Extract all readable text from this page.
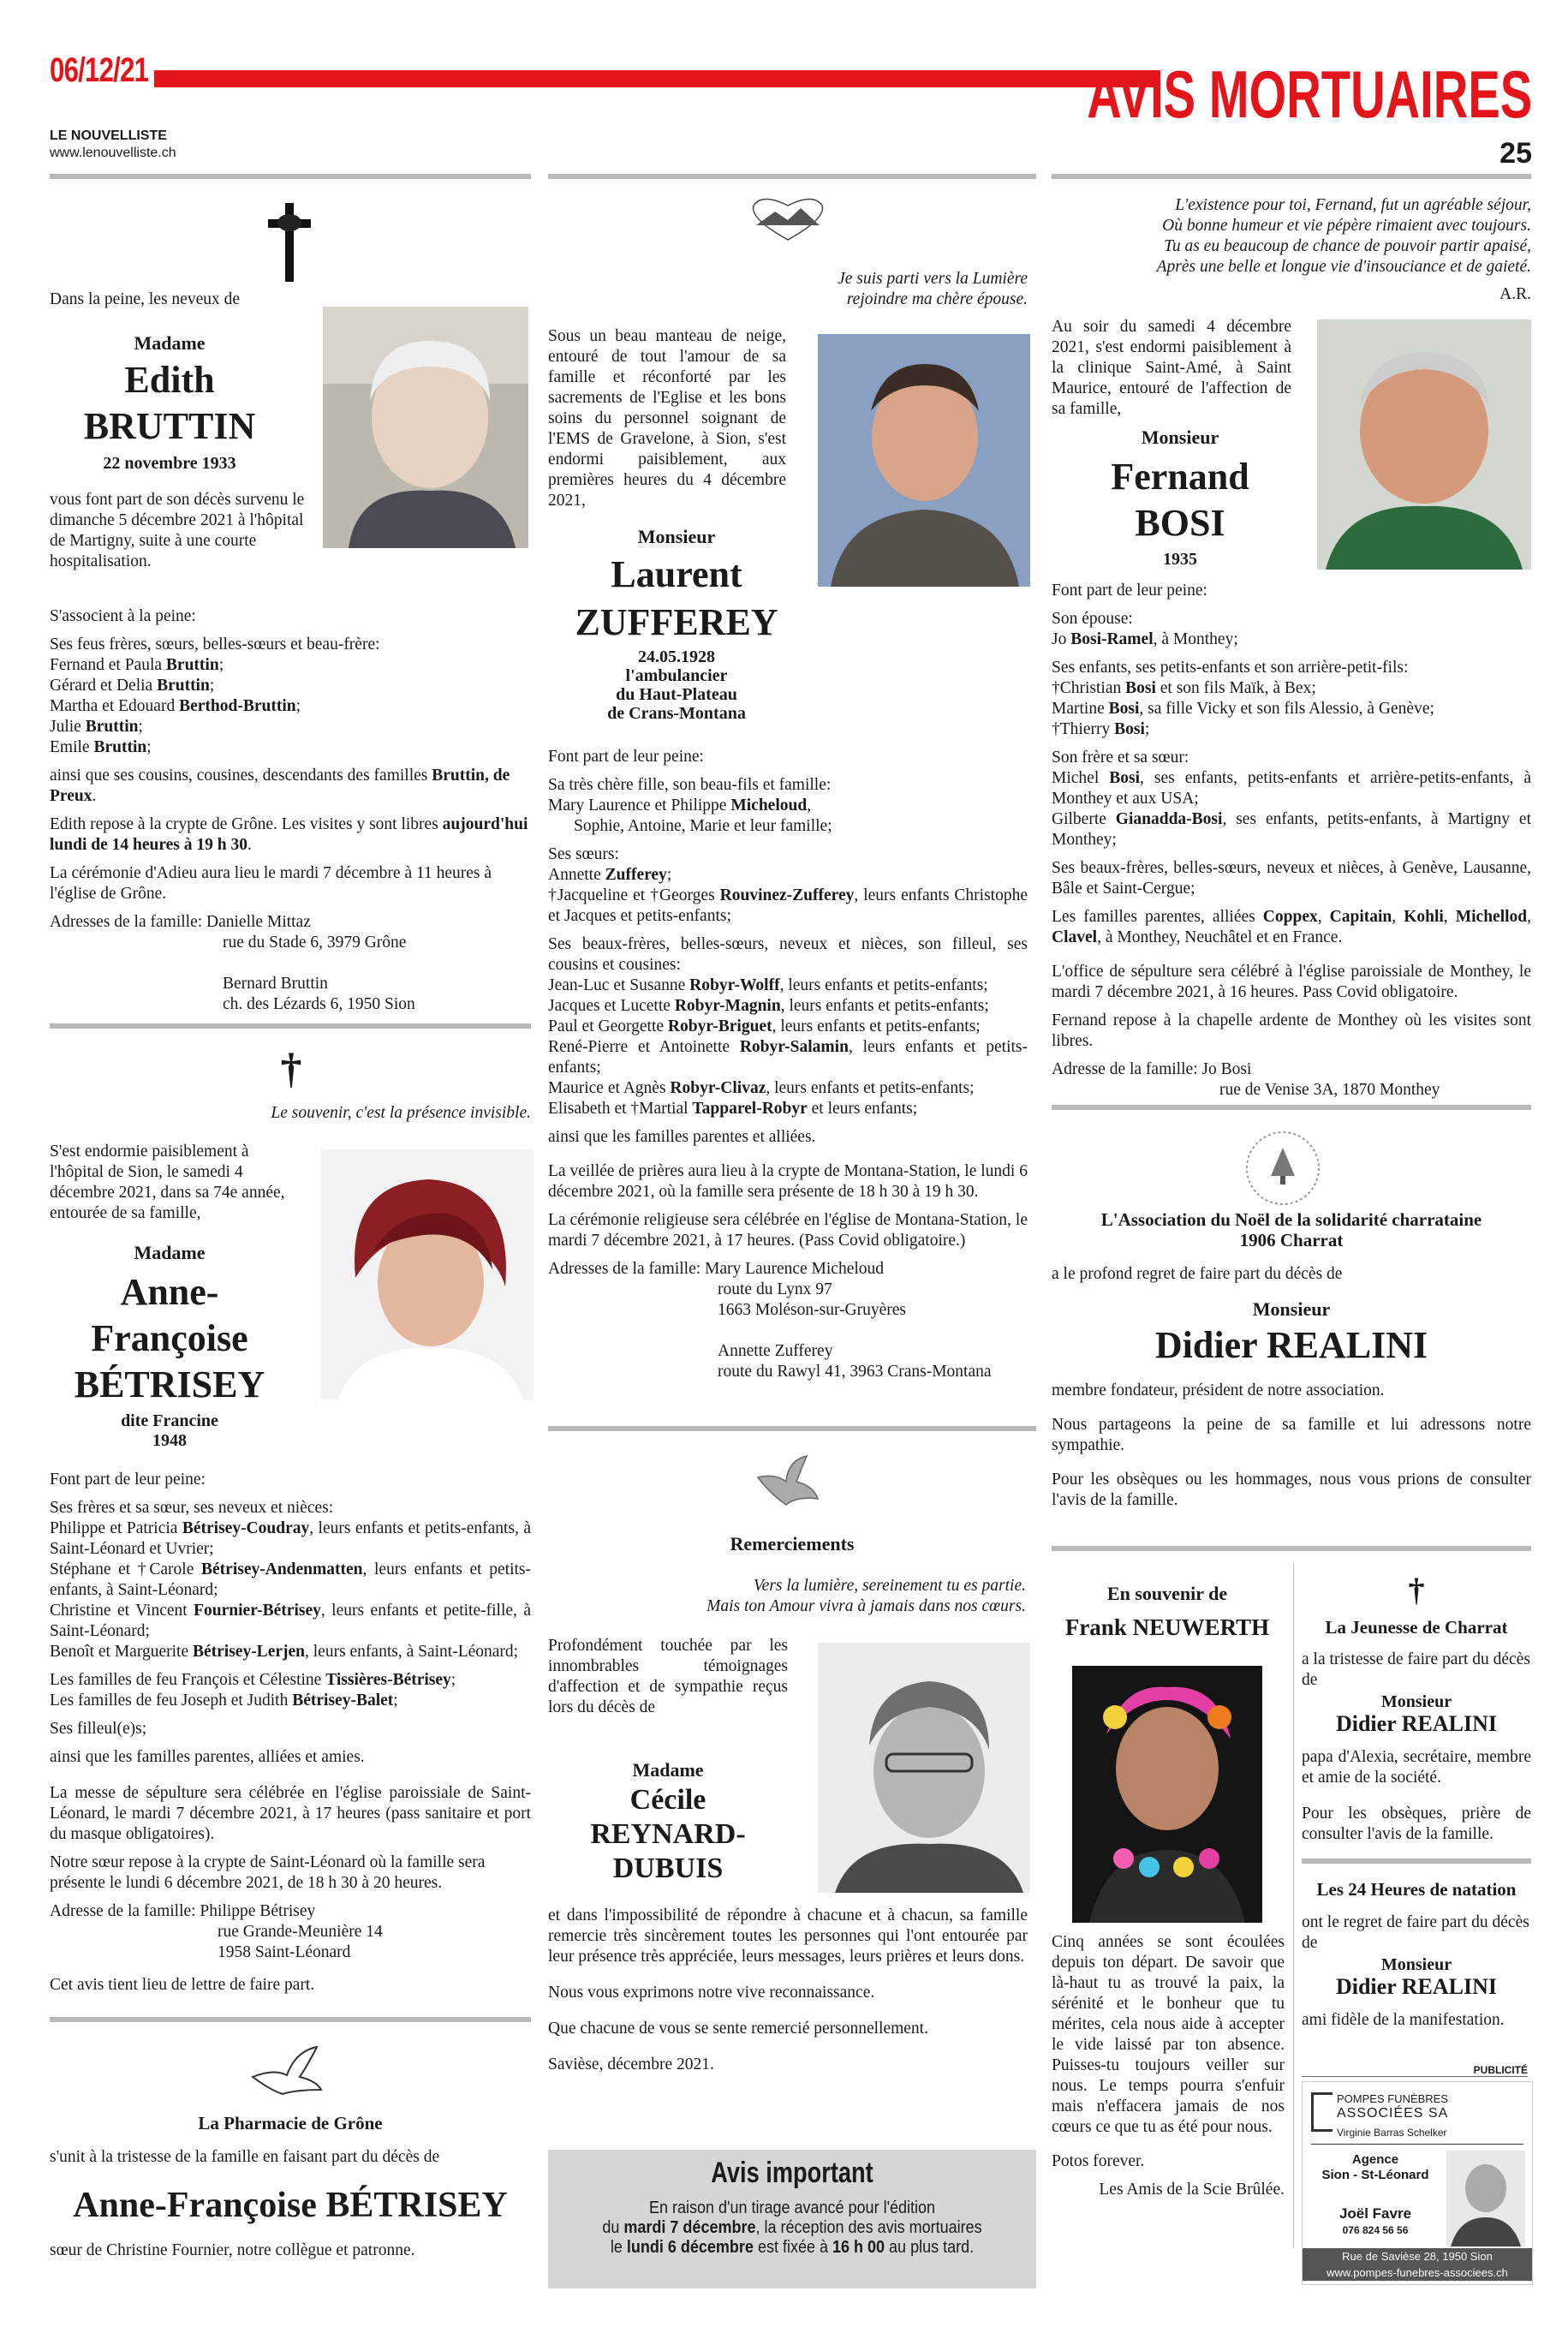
06/12/21	AVIS MORTUAIRES
LE NOUVELLISTE
www.lenouvelliste.ch	25
Dans la peine, les neveux de
Madame
Edith
BRUTTIN
22 novembre 1933
vous font part de son décès survenu le dimanche 5 décembre 2021 à l'hôpital de Martigny, suite à une courte hospitalisation.

S'associent à la peine:

Ses feus frères, sœurs, belles-sœurs et beau-frère:
Fernand et Paula Bruttin;
Gérard et Delia Bruttin;
Martha et Edouard Berthod-Bruttin;
Julie Bruttin;
Emile Bruttin;

ainsi que ses cousins, cousines, descendants des familles Bruttin, de Preux.

Edith repose à la crypte de Grône. Les visites y sont libres aujourd'hui lundi de 14 heures à 19 h 30.

La cérémonie d'Adieu aura lieu le mardi 7 décembre à 11 heures à l'église de Grône.

Adresses de la famille: Danielle Mittaz
rue du Stade 6, 3979 Grône

Bernard Bruttin
ch. des Lézards 6, 1950 Sion

†
Le souvenir, c'est la présence invisible.
S'est endormie paisiblement à l'hôpital de Sion, le samedi 4 décembre 2021, dans sa 74e année, entourée de sa famille,
Madame
Anne-Françoise
BÉTRISEY
dite Francine
1948

Font part de leur peine:

Ses frères et sa sœur, ses neveux et nièces:
Philippe et Patricia Bétrisey-Coudray, leurs enfants et petits-enfants, à Saint-Léonard et Uvrier;
Stéphane et †Carole Bétrisey-Andenmatten, leurs enfants et petits-enfants, à Saint-Léonard;
Christine et Vincent Fournier-Bétrisey, leurs enfants et petite-fille, à Saint-Léonard;
Benoît et Marguerite Bétrisey-Lerjen, leurs enfants, à Saint-Léonard;

Les familles de feu François et Célestine Tissières-Bétrisey;
Les familles de feu Joseph et Judith Bétrisey-Balet;

Ses filleul(e)s;

ainsi que les familles parentes, alliées et amies.

La messe de sépulture sera célébrée en l'église paroissiale de Saint-Léonard, le mardi 7 décembre 2021, à 17 heures (pass sanitaire et port du masque obligatoires).

Notre sœur repose à la crypte de Saint-Léonard où la famille sera présente le lundi 6 décembre 2021, de 18 h 30 à 20 heures.

Adresse de la famille: Philippe Bétrisey
rue Grande-Meunière 14
1958 Saint-Léonard

Cet avis tient lieu de lettre de faire part.

La Pharmacie de Grône
s'unit à la tristesse de la famille en faisant part du décès de
Anne-Françoise BÉTRISEY
sœur de Christine Fournier, notre collègue et patronne.
Je suis parti vers la Lumière
rejoindre ma chère épouse.
Sous un beau manteau de neige, entouré de tout l'amour de sa famille et réconforté par les sacrements de l'Eglise et les bons soins du personnel soignant de l'EMS de Gravelone, à Sion, s'est endormi paisiblement, aux premières heures du 4 décembre 2021,
Monsieur
Laurent
ZUFFEREY
24.05.1928
l'ambulancier
du Haut-Plateau
de Crans-Montana

Font part de leur peine:

Sa très chère fille, son beau-fils et famille:
Mary Laurence et Philippe Micheloud,
Sophie, Antoine, Marie et leur famille;

Ses sœurs:
Annette Zufferey;
†Jacqueline et †Georges Rouvinez-Zufferey, leurs enfants Christophe et Jacques et petits-enfants;

Ses beaux-frères, belles-sœurs, neveux et nièces, son filleul, ses cousins et cousines:
Jean-Luc et Susanne Robyr-Wolff, leurs enfants et petits-enfants;
Jacques et Lucette Robyr-Magnin, leurs enfants et petits-enfants;
Paul et Georgette Robyr-Briguet, leurs enfants et petits-enfants;
René-Pierre et Antoinette Robyr-Salamin, leurs enfants et petits-enfants;
Maurice et Agnès Robyr-Clivaz, leurs enfants et petits-enfants;
Elisabeth et †Martial Tapparel-Robyr et leurs enfants;

ainsi que les familles parentes et alliées.

La veillée de prières aura lieu à la crypte de Montana-Station, le lundi 6 décembre 2021, où la famille sera présente de 18 h 30 à 19 h 30.

La cérémonie religieuse sera célébrée en l'église de Montana-Station, le mardi 7 décembre 2021, à 17 heures. (Pass Covid obligatoire.)

Adresses de la famille: Mary Laurence Micheloud
route du Lynx 97
1663 Moléson-sur-Gruyères

Annette Zufferey
route du Rawyl 41, 3963 Crans-Montana

Remerciements
Vers la lumière, sereinement tu es partie.
Mais ton Amour vivra à jamais dans nos cœurs.
Profondément touchée par les innombrables témoignages d'affection et de sympathie reçus lors du décès de
Madame
Cécile
REYNARD-
DUBUIS

et dans l'impossibilité de répondre à chacune et à chacun, sa famille remercie très sincèrement toutes les personnes qui l'ont entourée par leur présence très appréciée, leurs messages, leurs prières et leurs dons.

Nous vous exprimons notre vive reconnaissance.

Que chacune de vous se sente remercié personnellement.

Savièse, décembre 2021.

Avis important
En raison d'un tirage avancé pour l'édition
du mardi 7 décembre, la réception des avis mortuaires
le lundi 6 décembre est fixée à 16 h 00 au plus tard.
L'existence pour toi, Fernand, fut un agréable séjour,
Où bonne humeur et vie pépère rimaient avec toujours.
Tu as eu beaucoup de chance de pouvoir partir apaisé,
Après une belle et longue vie d'insouciance et de gaieté.
A.R.
Au soir du samedi 4 décembre 2021, s'est endormi paisiblement à la clinique Saint-Amé, à Saint Maurice, entouré de l'affection de sa famille,
Monsieur
Fernand
BOSI
1935

Font part de leur peine:

Son épouse:
Jo Bosi-Ramel, à Monthey;

Ses enfants, ses petits-enfants et son arrière-petit-fils:
†Christian Bosi et son fils Maïk, à Bex;
Martine Bosi, sa fille Vicky et son fils Alessio, à Genève;
†Thierry Bosi;

Son frère et sa sœur:
Michel Bosi, ses enfants, petits-enfants et arrière-petits-enfants, à Monthey et aux USA;
Gilberte Gianadda-Bosi, ses enfants, petits-enfants, à Martigny et Monthey;

Ses beaux-frères, belles-sœurs, neveux et nièces, à Genève, Lausanne, Bâle et Saint-Cergue;

Les familles parentes, alliées Coppex, Capitain, Kohli, Michellod, Clavel, à Monthey, Neuchâtel et en France.

L'office de sépulture sera célébré à l'église paroissiale de Monthey, le mardi 7 décembre 2021, à 16 heures. Pass Covid obligatoire.

Fernand repose à la chapelle ardente de Monthey où les visites sont libres.

Adresse de la famille: Jo Bosi
rue de Venise 3A, 1870 Monthey

L'Association du Noël de la solidarité charrataine
1906 Charrat
a le profond regret de faire part du décès de
Monsieur
Didier REALINI

membre fondateur, président de notre association.

Nous partageons la peine de sa famille et lui adressons notre sympathie.

Pour les obsèques ou les hommages, nous vous prions de consulter l'avis de la famille.

En souvenir de
Frank NEUWERTH

Cinq années se sont écoulées depuis ton départ. De savoir que là-haut tu as trouvé la paix, la sérénité et le bonheur que tu mérites, cela nous aide à accepter le vide laissé par ton absence. Puisses-tu toujours veiller sur nous. Le temps pourra s'enfuir mais n'effacera jamais de nos cœurs ce que tu as été pour nous.

Potos forever.

Les Amis de la Scie Brûlée.

†
La Jeunesse de Charrat
a la tristesse de faire part du décès de
Monsieur
Didier REALINI
papa d'Alexia, secrétaire, membre et amie de la société.
Pour les obsèques, prière de consulter l'avis de la famille.
Les 24 Heures de natation
ont le regret de faire part du décès de
Monsieur
Didier REALINI
ami fidèle de la manifestation.
PUBLICITÉ
POMPES FUNÈBRES
ASSOCIÉES SA
Virginie Barras Schelker
Agence
Sion - St-Léonard
Joël Favre
076 824 56 56
Rue de Savièse 28, 1950 Sion
www.pompes-funebres-associees.ch
